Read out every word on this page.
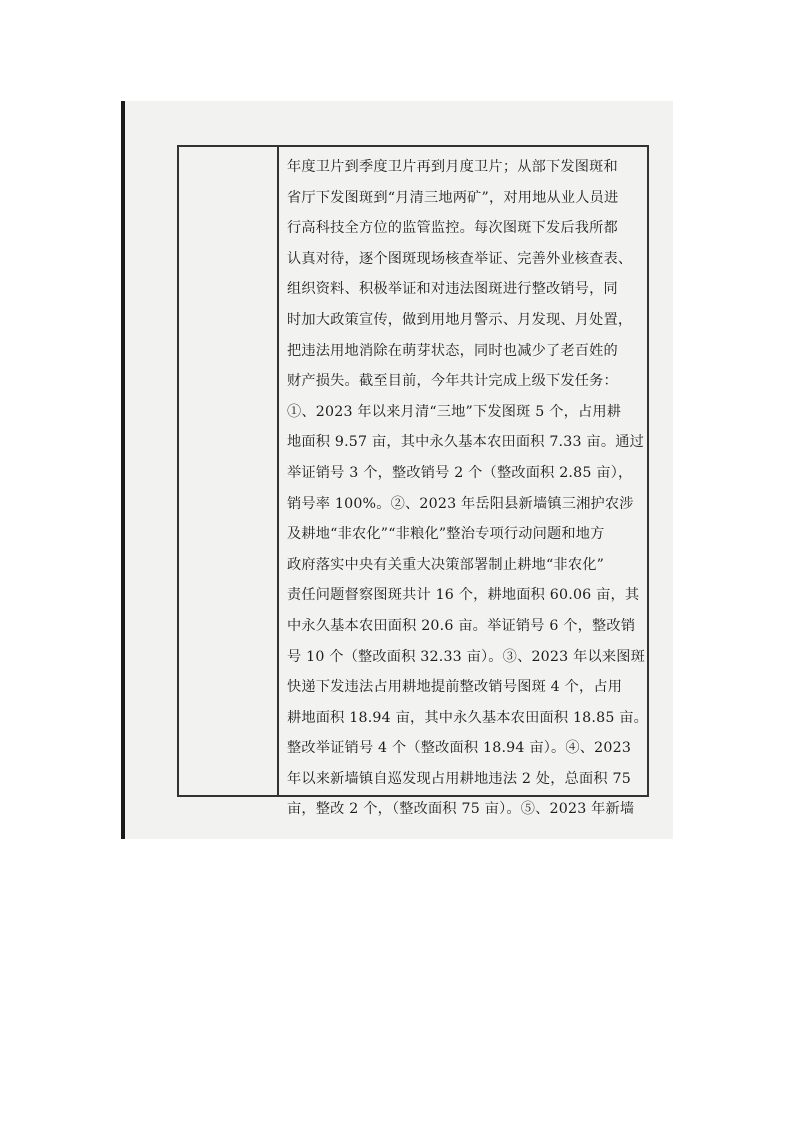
年度卫片到季度卫片再到月度卫片；从部下发图斑和
省厅下发图斑到“月清三地两矿”，对用地从业人员进
行高科技全方位的监管监控。每次图斑下发后我所都
认真对待，逐个图斑现场核查举证、完善外业核查表、
组织资料、积极举证和对违法图斑进行整改销号，同
时加大政策宣传，做到用地月警示、月发现、月处置，
把违法用地消除在萌芽状态，同时也减少了老百姓的
财产损失。截至目前，今年共计完成上级下发任务：
①、2023 年以来月清“三地”下发图斑 5 个，占用耕
地面积 9.57 亩，其中永久基本农田面积 7.33 亩。通过
举证销号 3 个，整改销号 2 个（整改面积 2.85 亩），
销号率 100%。②、2023 年岳阳县新墙镇三湘护农涉
及耕地“非农化”“非粮化”整治专项行动问题和地方
政府落实中央有关重大决策部署制止耕地“非农化”
责任问题督察图斑共计 16 个，耕地面积 60.06 亩，其
中永久基本农田面积 20.6 亩。举证销号 6 个，整改销
号 10 个（整改面积 32.33 亩）。③、2023 年以来图斑
快递下发违法占用耕地提前整改销号图斑 4 个，占用
耕地面积 18.94 亩，其中永久基本农田面积 18.85 亩。
整改举证销号 4 个（整改面积 18.94 亩）。④、2023
年以来新墙镇自巡发现占用耕地违法 2 处，总面积 75
亩，整改 2 个，（整改面积 75 亩）。⑤、2023 年新墙
